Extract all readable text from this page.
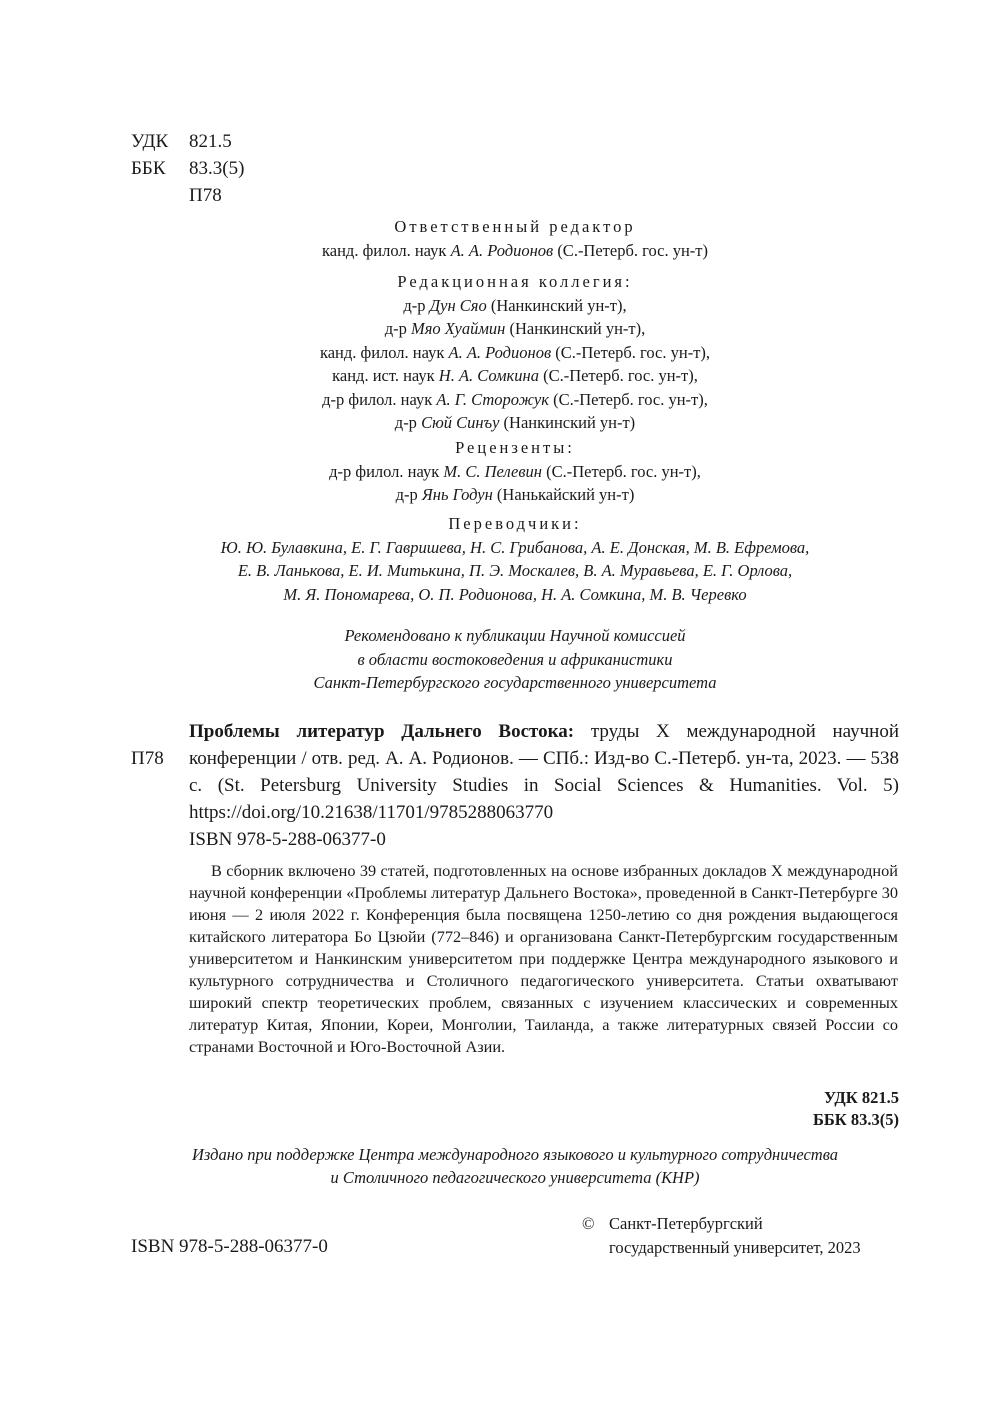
УДК	821.5
ББК	83.3(5)
П78
Ответственный редактор
канд. филол. наук А. А. Родионов (С.-Петерб. гос. ун-т)
Редакционная коллегия:
д-р Дун Сяо (Нанкинский ун-т),
д-р Мяо Хуаймин (Нанкинский ун-т),
канд. филол. наук А. А. Родионов (С.-Петерб. гос. ун-т),
канд. ист. наук Н. А. Сомкина (С.-Петерб. гос. ун-т),
д-р филол. наук А. Г. Сторожук (С.-Петерб. гос. ун-т),
д-р Сюй Синъу (Нанкинский ун-т)
Рецензенты:
д-р филол. наук М. С. Пелевин (С.-Петерб. гос. ун-т),
д-р Янь Годун (Нанькайский ун-т)
Переводчики:
Ю. Ю. Булавкина, Е. Г. Гавришева, Н. С. Грибанова, А. Е. Донская, М. В. Ефремова,
Е. В. Ланькова, Е. И. Митькина, П. Э. Москалев, В. А. Муравьева, Е. Г. Орлова,
М. Я. Пономарева, О. П. Родионова, Н. А. Сомкина, М. В. Черевко
Рекомендовано к публикации Научной комиссией
в области востоковедения и африканистики
Санкт-Петербургского государственного университета
П78
Проблемы литератур Дальнего Востока: труды X международной научной конференции / отв. ред. А. А. Родионов. — СПб.: Изд-во С.-Петерб. ун-та, 2023. — 538 с. (St. Petersburg University Studies in Social Sciences & Humanities. Vol. 5) https://doi.org/10.21638/11701/9785288063770
ISBN 978-5-288-06377-0
В сборник включено 39 статей, подготовленных на основе избранных докладов X международной научной конференции «Проблемы литератур Дальнего Востока», проведенной в Санкт-Петербурге 30 июня — 2 июля 2022 г. Конференция была посвящена 1250-летию со дня рождения выдающегося китайского литератора Бо Цзюйи (772–846) и организована Санкт-Петербургским государственным университетом и Нанкинским университетом при поддержке Центра международного языкового и культурного сотрудничества и Столичного педагогического университета. Статьи охватывают широкий спектр теоретических проблем, связанных с изучением классических и современных литератур Китая, Японии, Кореи, Монголии, Таиланда, а также литературных связей России со странами Восточной и Юго-Восточной Азии.
УДК 821.5
ББК 83.3(5)
Издано при поддержке Центра международного языкового и культурного сотрудничества
и Столичного педагогического университета (КНР)
ISBN 978-5-288-06377-0
© Санкт-Петербургский
государственный университет, 2023
